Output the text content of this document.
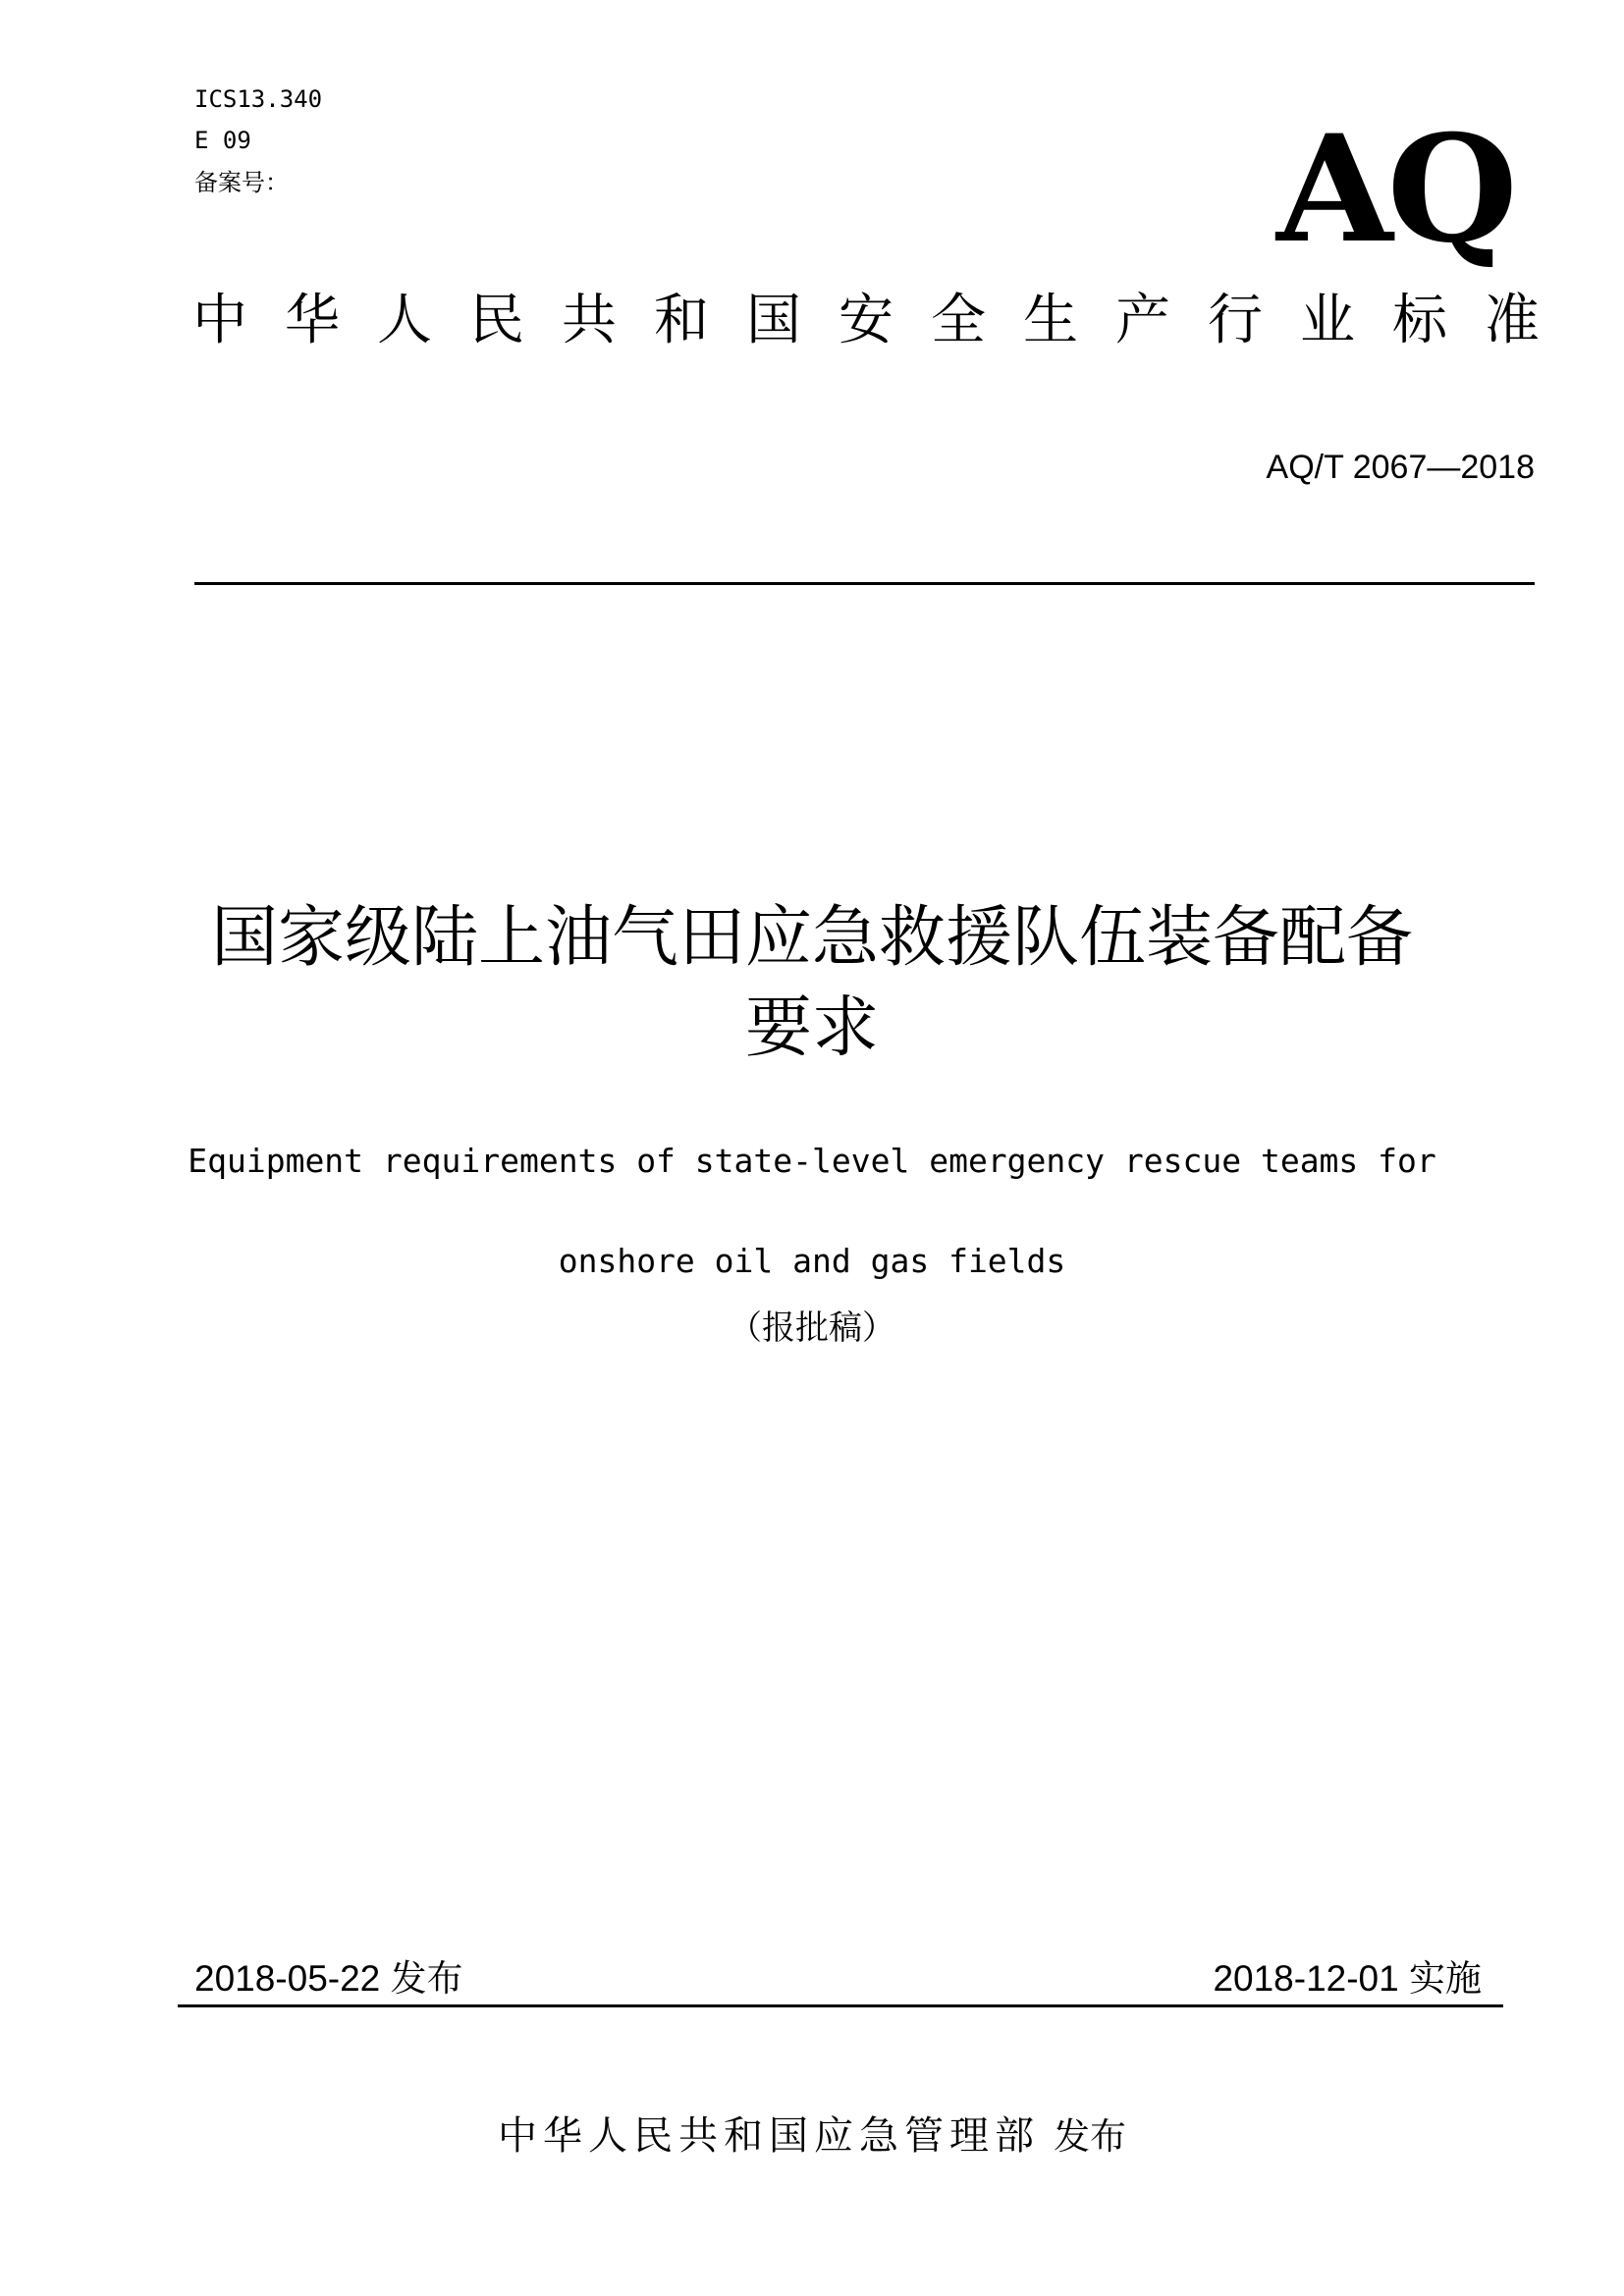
ICS13.340
E 09
备案号：	AQ
中 华 人 民 共 和 国 安 全 生 产 行 业 标 准
AQ/T 2067—2018
国家级陆上油气田应急救援队伍装备配备
要求
Equipment requirements of state-level emergency rescue teams for
onshore oil and gas fields
（报批稿）
2018-05-22 发布	2018-12-01 实施
中华人民共和国应急管理部 发布
